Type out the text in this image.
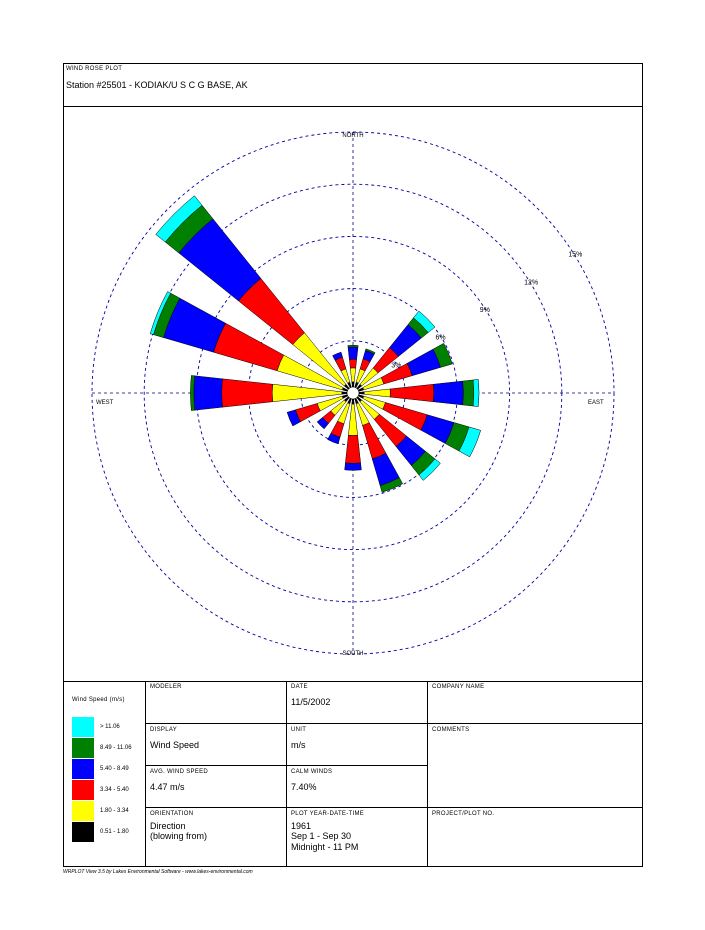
WIND ROSE PLOT
Station #25501 - KODIAK/U S C G BASE, AK
3%
6%
9%
12%
15%
NORTH
SOUTH
EAST
WEST
Wind Speed (m/s)
> 11.06
8.49 - 11.06
5.40 - 8.49
3.34 - 5.40
1.80 - 3.34
0.51 - 1.80
MODELER	DATE
11/5/2002
COMPANY NAME
DISPLAY
Wind Speed
UNIT
m/s
COMMENTS
AVG. WIND SPEED
4.47 m/s
CALM WINDS
7.40%
ORIENTATION
Direction
(blowing from)
PLOT YEAR-DATE-TIME
1961
Sep 1 - Sep 30
Midnight - 11 PM
PROJECT/PLOT NO.
WRPLOT View 3.5 by Lakes Environmental Software - www.lakes-environmental.com
